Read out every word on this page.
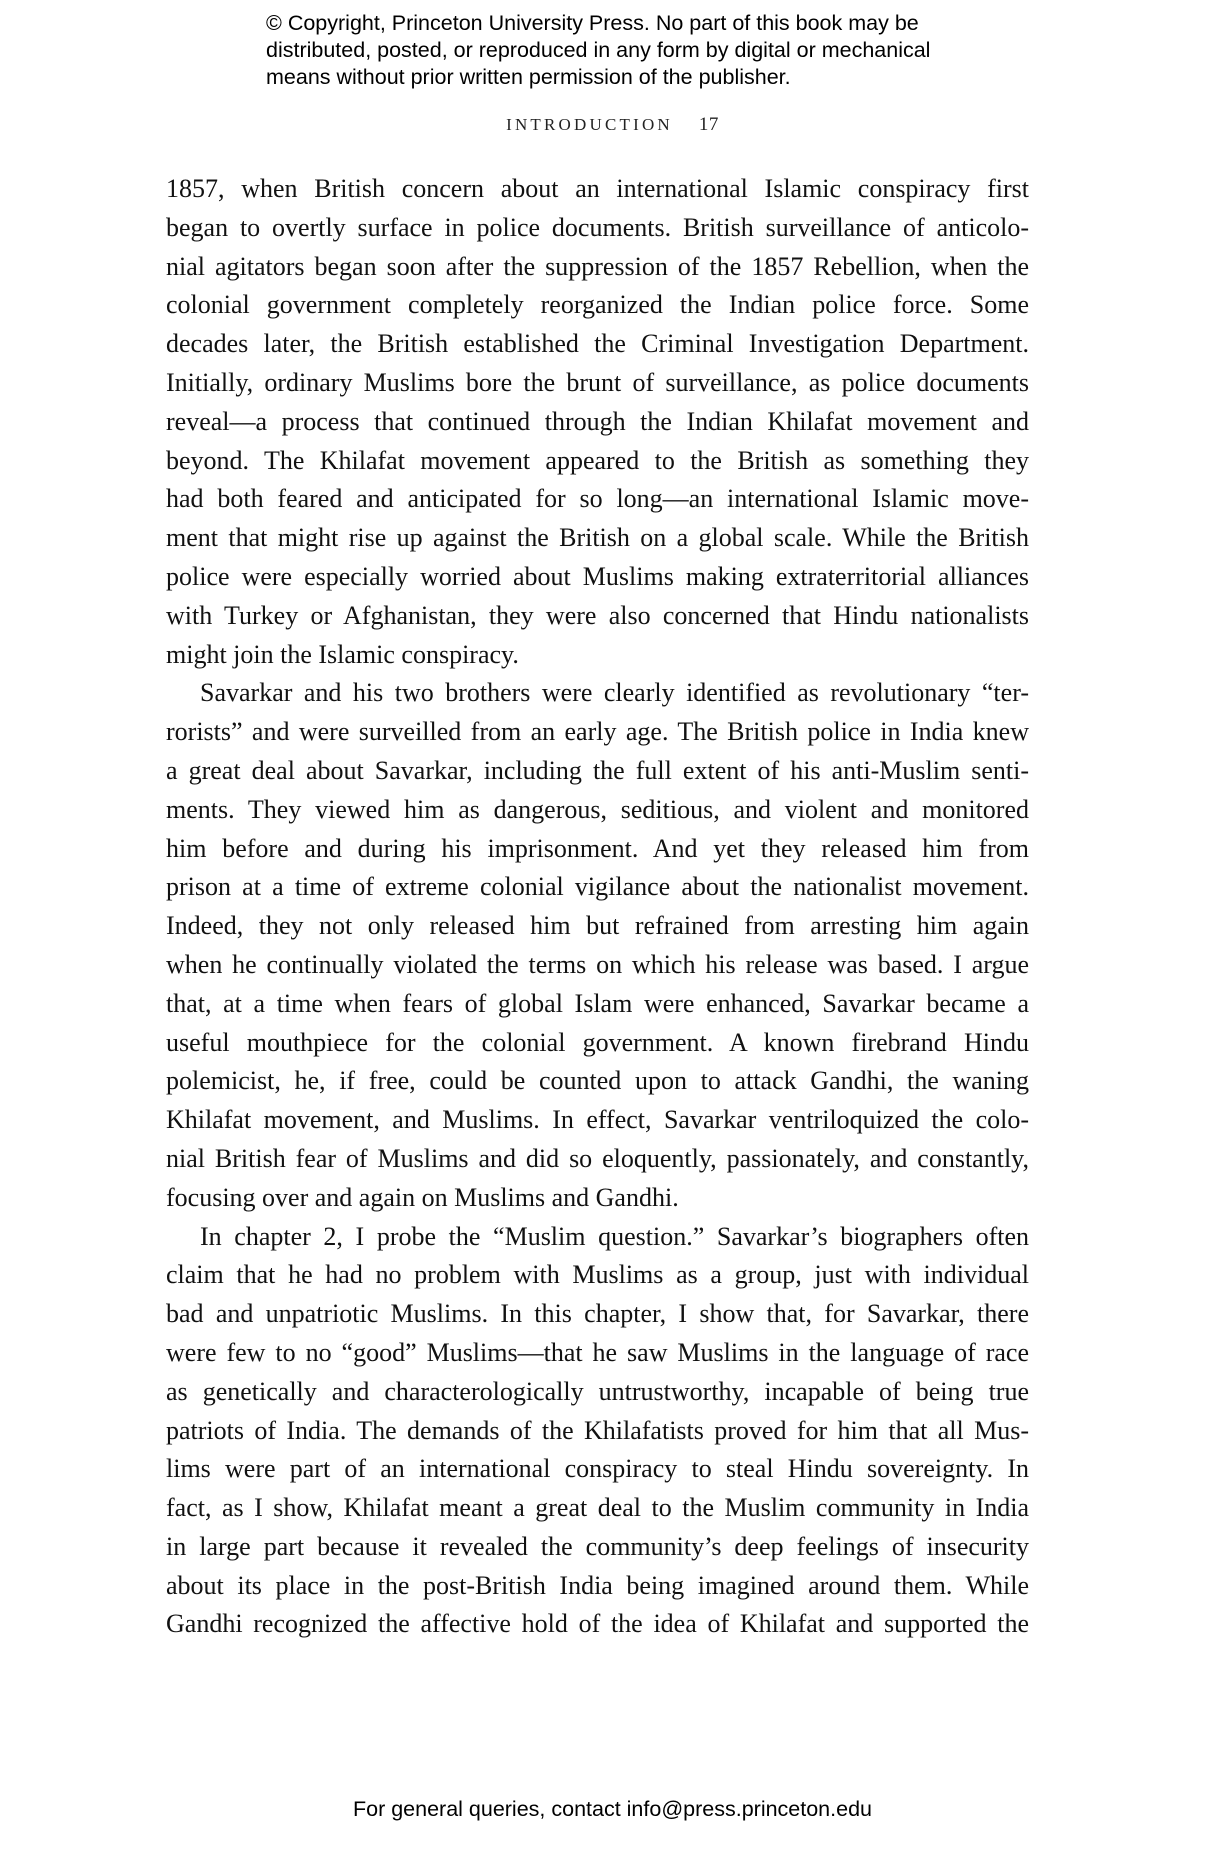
© Copyright, Princeton University Press. No part of this book may be
distributed, posted, or reproduced in any form by digital or mechanical
means without prior written permission of the publisher.
INTRODUCTION 17
1857, when British concern about an international Islamic conspiracy first
began to overtly surface in police documents. British surveillance of anticolo-
nial agitators began soon after the suppression of the 1857 Rebellion, when the
colonial government completely reorganized the Indian police force. Some
decades later, the British established the Criminal Investigation Department.
Initially, ordinary Muslims bore the brunt of surveillance, as police documents
reveal—a process that continued through the Indian Khilafat movement and
beyond. The Khilafat movement appeared to the British as something they
had both feared and anticipated for so long—an international Islamic move-
ment that might rise up against the British on a global scale. While the British
police were especially worried about Muslims making extraterritorial alliances
with Turkey or Afghanistan, they were also concerned that Hindu nationalists
might join the Islamic conspiracy.
Savarkar and his two brothers were clearly identified as revolutionary “ter-
rorists” and were surveilled from an early age. The British police in India knew
a great deal about Savarkar, including the full extent of his anti-Muslim senti-
ments. They viewed him as dangerous, seditious, and violent and monitored
him before and during his imprisonment. And yet they released him from
prison at a time of extreme colonial vigilance about the nationalist movement.
Indeed, they not only released him but refrained from arresting him again
when he continually violated the terms on which his release was based. I argue
that, at a time when fears of global Islam were enhanced, Savarkar became a
useful mouthpiece for the colonial government. A known firebrand Hindu
polemicist, he, if free, could be counted upon to attack Gandhi, the waning
Khilafat movement, and Muslims. In effect, Savarkar ventriloquized the colo-
nial British fear of Muslims and did so eloquently, passionately, and constantly,
focusing over and again on Muslims and Gandhi.
In chapter 2, I probe the “Muslim question.” Savarkar’s biographers often
claim that he had no problem with Muslims as a group, just with individual
bad and unpatriotic Muslims. In this chapter, I show that, for Savarkar, there
were few to no “good” Muslims—that he saw Muslims in the language of race
as genetically and characterologically untrustworthy, incapable of being true
patriots of India. The demands of the Khilafatists proved for him that all Mus-
lims were part of an international conspiracy to steal Hindu sovereignty. In
fact, as I show, Khilafat meant a great deal to the Muslim community in India
in large part because it revealed the community’s deep feelings of insecurity
about its place in the post-British India being imagined around them. While
Gandhi recognized the affective hold of the idea of Khilafat and supported the
For general queries, contact info@press.princeton.edu
